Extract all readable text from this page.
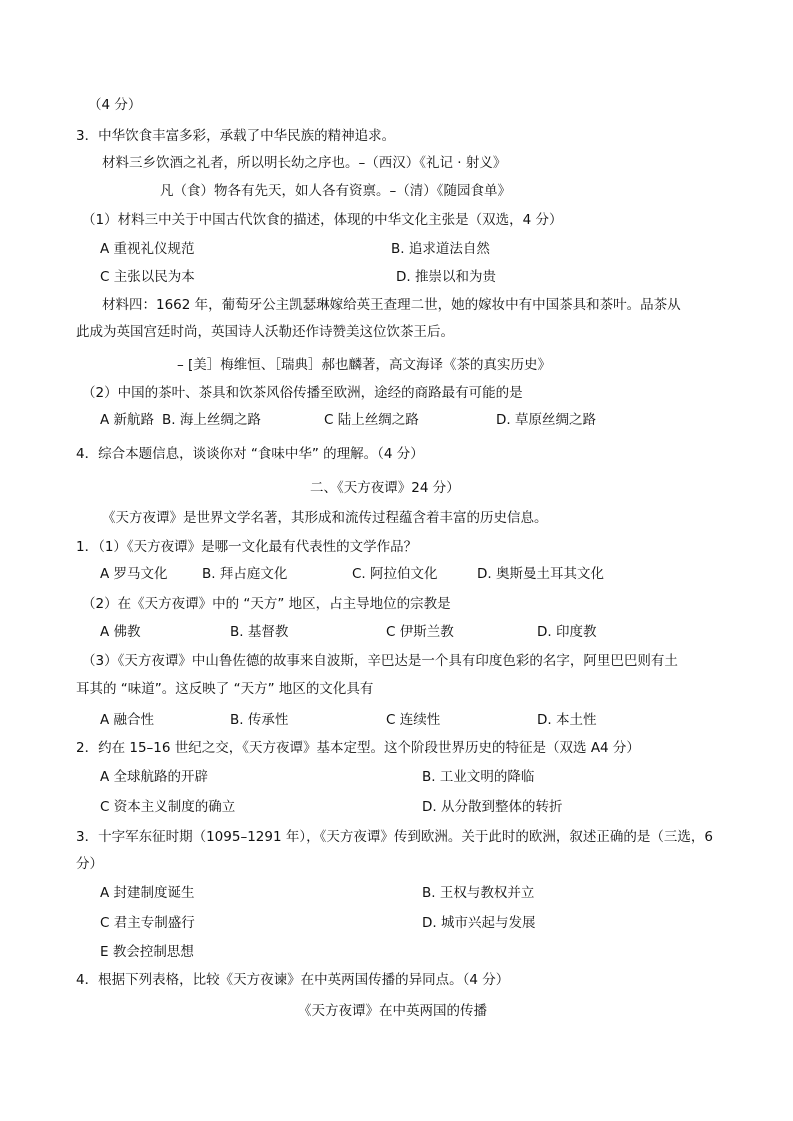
（4 分）
3．中华饮食丰富多彩，承载了中华民族的精神追求。
材料三乡饮酒之礼者，所以明长幼之序也。–（西汉）《礼记 · 射义》
凡（食）物各有先天，如人各有资禀。–（清）《随园食单》
（1）材料三中关于中国古代饮食的描述，体现的中华文化主张是（双选，4 分）
A 重视礼仪规范	B. 追求道法自然
C 主张以民为本	D. 推崇以和为贵
材料四：1662 年，葡萄牙公主凯瑟琳嫁给英王查理二世，她的嫁妆中有中国茶具和茶叶。品茶从
此成为英国宫廷时尚，英国诗人沃勒还作诗赞美这位饮茶王后。
– [美］梅维恒、［瑞典］郝也麟著，高文海译《茶的真实历史》
（2）中国的茶叶、茶具和饮茶风俗传播至欧洲，途经的商路最有可能的是
A 新航路 B. 海上丝绸之路	C 陆上丝绸之路	D. 草原丝绸之路
4．综合本题信息，谈谈你对 “食味中华” 的理解。（4 分）
二、《天方夜谭》24 分）
《天方夜谭》是世界文学名著，其形成和流传过程蕴含着丰富的历史信息。
1．（1）《天方夜谭》是哪一文化最有代表性的文学作品？
A 罗马文化	B. 拜占庭文化	C. 阿拉伯文化	D. 奥斯曼土耳其文化
（2）在《天方夜谭》中的 “天方” 地区，占主导地位的宗教是
A 佛教	B. 基督教	C 伊斯兰教	D. 印度教
（3）《天方夜谭》中山鲁佐德的故事来自波斯，辛巴达是一个具有印度色彩的名字，阿里巴巴则有土
耳其的 “味道”。这反映了 “天方” 地区的文化具有
A 融合性	B. 传承性	C 连续性	D. 本土性
2．约在 15–16 世纪之交，《天方夜谭》基本定型。这个阶段世界历史的特征是（双选 A4 分）
A 全球航路的开辟	B. 工业文明的降临
C 资本主义制度的确立	D. 从分散到整体的转折
3．十字军东征时期（1095–1291 年），《天方夜谭》传到欧洲。关于此时的欧洲，叙述正确的是（三选，6
分）
A 封建制度诞生	B. 王权与教权并立
C 君主专制盛行	D. 城市兴起与发展
E 教会控制思想
4．根据下列表格，比较《天方夜谏》在中英两国传播的异同点。（4 分）
《天方夜谭》在中英两国的传播
